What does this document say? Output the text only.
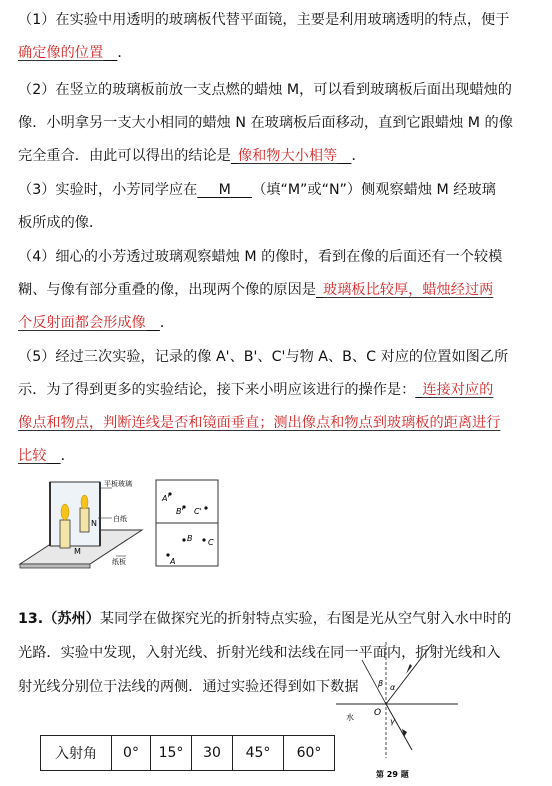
（1）在实验中用透明的玻璃板代替平面镜，主要是利用玻璃透明的特点，便于
确定像的位置  ．
（2）在竖立的玻璃板前放一支点燃的蜡烛 M，可以看到玻璃板后面出现蜡烛的
像．小明拿另一支大小相同的蜡烛 N 在玻璃板后面移动，直到它跟蜡烛 M 的像
完全重合．由此可以得出的结论是  像和物大小相等  ．
（3）实验时，小芳同学应在   M   （填“M”或“N”）侧观察蜡烛 M 经玻璃
板所成的像．
（4）细心的小芳透过玻璃观察蜡烛 M 的像时，看到在像的后面还有一个较模
糊、与像有部分重叠的像，出现两个像的原因是  玻璃板比较厚，蜡烛经过两
个反射面都会形成像  ．
（5）经过三次实验，记录的像 A'、B'、C'与物 A、B、C 对应的位置如图乙所
示．为了得到更多的实验结论，接下来小明应该进行的操作是：  连接对应的
像点和物点，判断连线是否和镜面垂直；测出像点和物点到玻璃板的距离进行
比较  ．
N
M
平板玻璃
白纸
纸板
A'
B' C'
A
B C
13.（苏州）某同学在做探究光的折射特点实验，右图是光从空气射入水中时的
光路．实验中发现，入射光线、折射光线和法线在同一平面内，折射光线和入
射光线分别位于法线的两侧．通过实验还得到如下数据	α
β
γ
O
水
第 29 题
入射角	0°	15°	30	45°	60°
